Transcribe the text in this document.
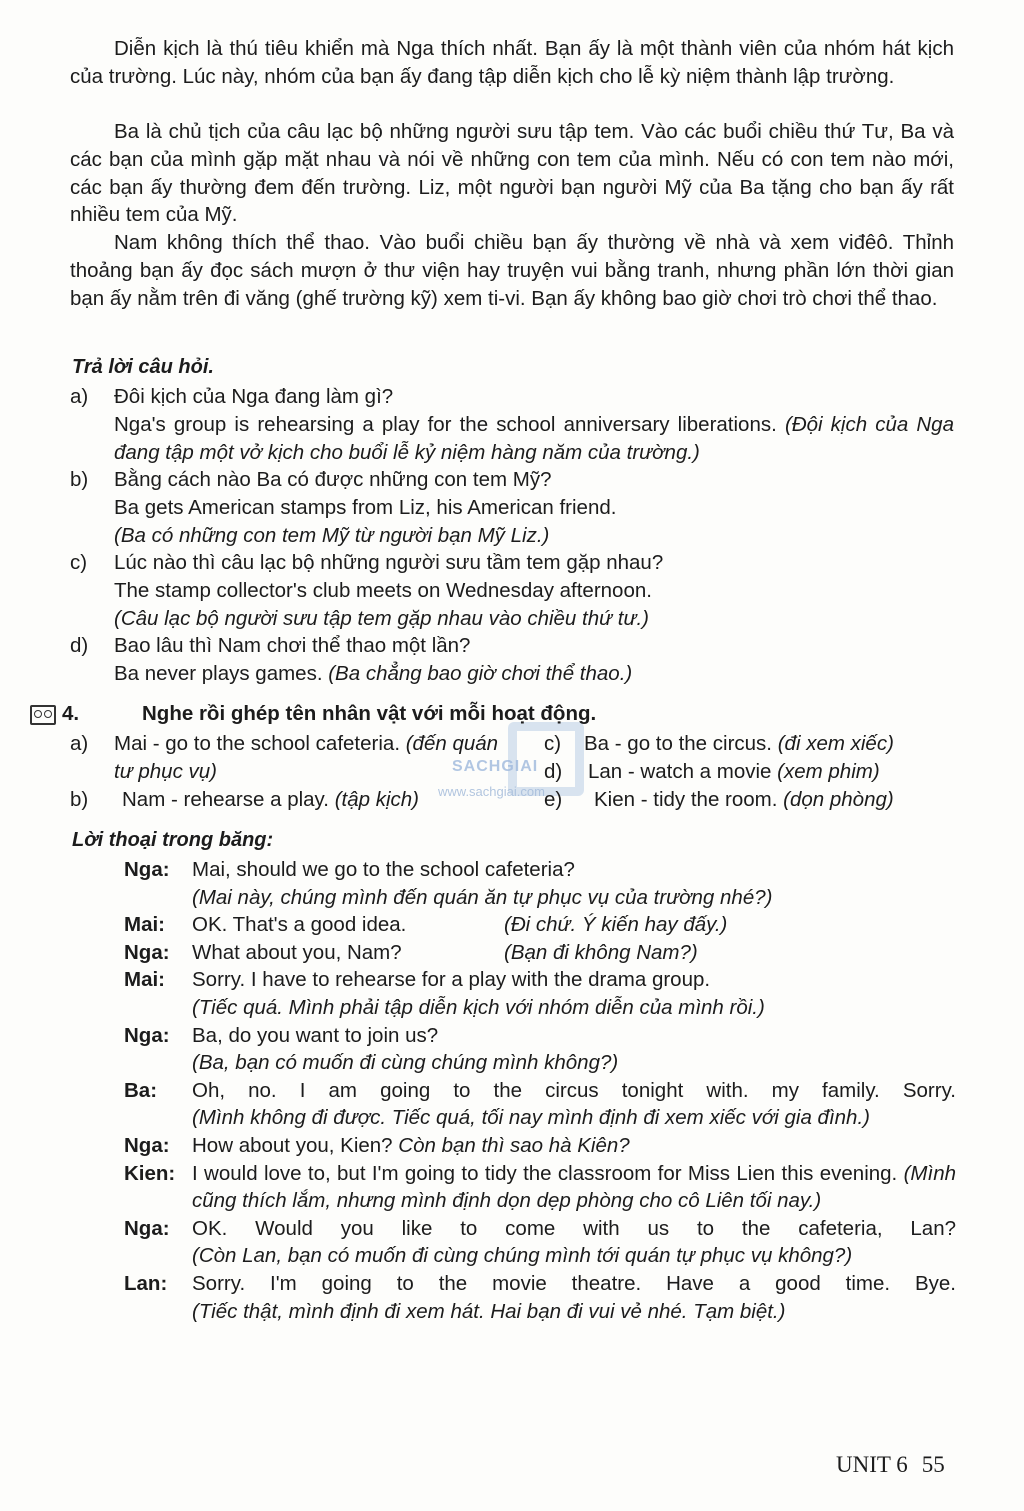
SACHGIAI
www.sachgiai.com
Diễn kịch là thú tiêu khiển mà Nga thích nhất. Bạn ấy là một thành viên của nhóm hát kịch của trường. Lúc này, nhóm của bạn ấy đang tập diễn kịch cho lễ kỳ niệm thành lập trường.
Ba là chủ tịch của câu lạc bộ những người sưu tập tem. Vào các buổi chiều thứ Tư, Ba và các bạn của mình gặp mặt nhau và nói về những con tem của mình. Nếu có con tem nào mới, các bạn ấy thường đem đến trường. Liz, một người bạn người Mỹ của Ba tặng cho bạn ấy rất nhiều tem của Mỹ.
Nam không thích thể thao. Vào buổi chiều bạn ấy thường về nhà và xem viđêô. Thỉnh thoảng bạn ấy đọc sách mượn ở thư viện hay truyện vui bằng tranh, nhưng phần lớn thời gian bạn ấy nằm trên đi văng (ghế trường kỹ) xem ti-vi. Bạn ấy không bao giờ chơi trò chơi thể thao.
Trả lời câu hỏi.
a) Đôi kịch của Nga đang làm gì?
Nga's group is rehearsing a play for the school anniversary liberations. (Đội kịch của Nga đang tập một vở kịch cho buổi lễ kỷ niệm hàng năm của trường.)
b) Bằng cách nào Ba có được những con tem Mỹ?
Ba gets American stamps from Liz, his American friend.
(Ba có những con tem Mỹ từ người bạn Mỹ Liz.)
c) Lúc nào thì câu lạc bộ những người sưu tầm tem gặp nhau?
The stamp collector's club meets on Wednesday afternoon.
(Câu lạc bộ người sưu tập tem gặp nhau vào chiều thứ tư.)
d) Bao lâu thì Nam chơi thể thao một lần?
Ba never plays games. (Ba chẳng bao giờ chơi thể thao.)
4.	Nghe rồi ghép tên nhân vật với mỗi hoạt động.
a) Mai - go to the school cafeteria. (đến quán tư phục vụ)
b) Nam - rehearse a play. (tập kịch)
c) Ba - go to the circus. (đi xem xiếc)
d) Lan - watch a movie (xem phim)
e) Kien - tidy the room. (dọn phòng)
Lời thoại trong băng:
Nga: Mai, should we go to the school cafeteria?
(Mai này, chúng mình đến quán ăn tự phục vụ của trường nhé?)
Mai: OK. That's a good idea.	(Đi chứ. Ý kiến hay đấy.)
Nga: What about you, Nam?	(Bạn đi không Nam?)
Mai: Sorry. I have to rehearse for a play with the drama group.
(Tiếc quá. Mình phải tập diễn kịch với nhóm diễn của mình rồi.)
Nga: Ba, do you want to join us?
(Ba, bạn có muốn đi cùng chúng mình không?)
Ba: Oh, no. I am going to the circus tonight with. my family. Sorry.
(Mình không đi được. Tiếc quá, tối nay mình định đi xem xiếc với gia đình.)
Nga: How about you, Kien? Còn bạn thì sao hà Kiên?
Kien: I would love to, but I'm going to tidy the classroom for Miss Lien this evening. (Mình cũng thích lắm, nhưng mình định dọn dẹp phòng cho cô Liên tối nay.)
Nga: OK. Would you like to come with us to the cafeteria, Lan?
(Còn Lan, bạn có muốn đi cùng chúng mình tới quán tự phục vụ không?)
Lan: Sorry. I'm going to the movie theatre. Have a good time. Bye.
(Tiếc thật, mình định đi xem hát. Hai bạn đi vui vẻ nhé. Tạm biệt.)
UNIT 6 55
